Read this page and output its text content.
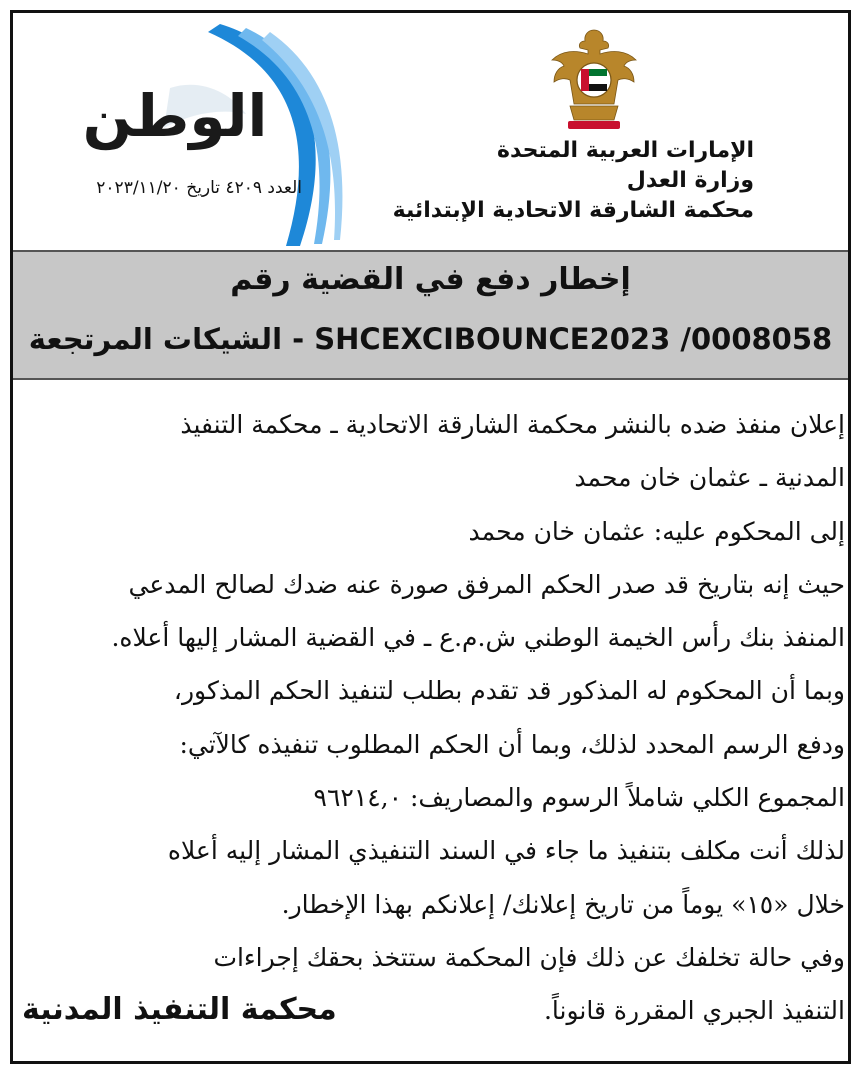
الإمارات العربية المتحدة
وزارة العدل
محكمة الشارقة الاتحادية الإبتدائية
الوطن
العدد ٤٢٠٩ تاريخ ٢٠٢٣/١١/٢٠
إخطار دفع في القضية رقم
SHCEXCIBOUNCE2023 /0008058 - الشيكات المرتجعة
إعلان منفذ ضده بالنشر محكمة الشارقة الاتحادية ـ محكمة التنفيذ
المدنية ـ عثمان خان محمد
إلى المحكوم عليه: عثمان خان محمد
حيث إنه بتاريخ قد صدر الحكم المرفق صورة عنه ضدك لصالح المدعي
المنفذ بنك رأس الخيمة الوطني ش.م.ع ـ في القضية المشار إليها أعلاه.
وبما أن المحكوم له المذكور قد تقدم بطلب لتنفيذ الحكم المذكور،
ودفع الرسم المحدد لذلك، وبما أن الحكم المطلوب تنفيذه كالآتي:
المجموع الكلي شاملاً الرسوم والمصاريف: ٩٦٢١٤,٠
لذلك أنت مكلف بتنفيذ ما جاء في السند التنفيذي المشار إليه أعلاه
خلال «١٥» يوماً من تاريخ إعلانك/ إعلانكم بهذا الإخطار.
وفي حالة تخلفك عن ذلك فإن المحكمة ستتخذ بحقك إجراءات
التنفيذ الجبري المقررة قانوناً.
محكمة التنفيذ المدنية
